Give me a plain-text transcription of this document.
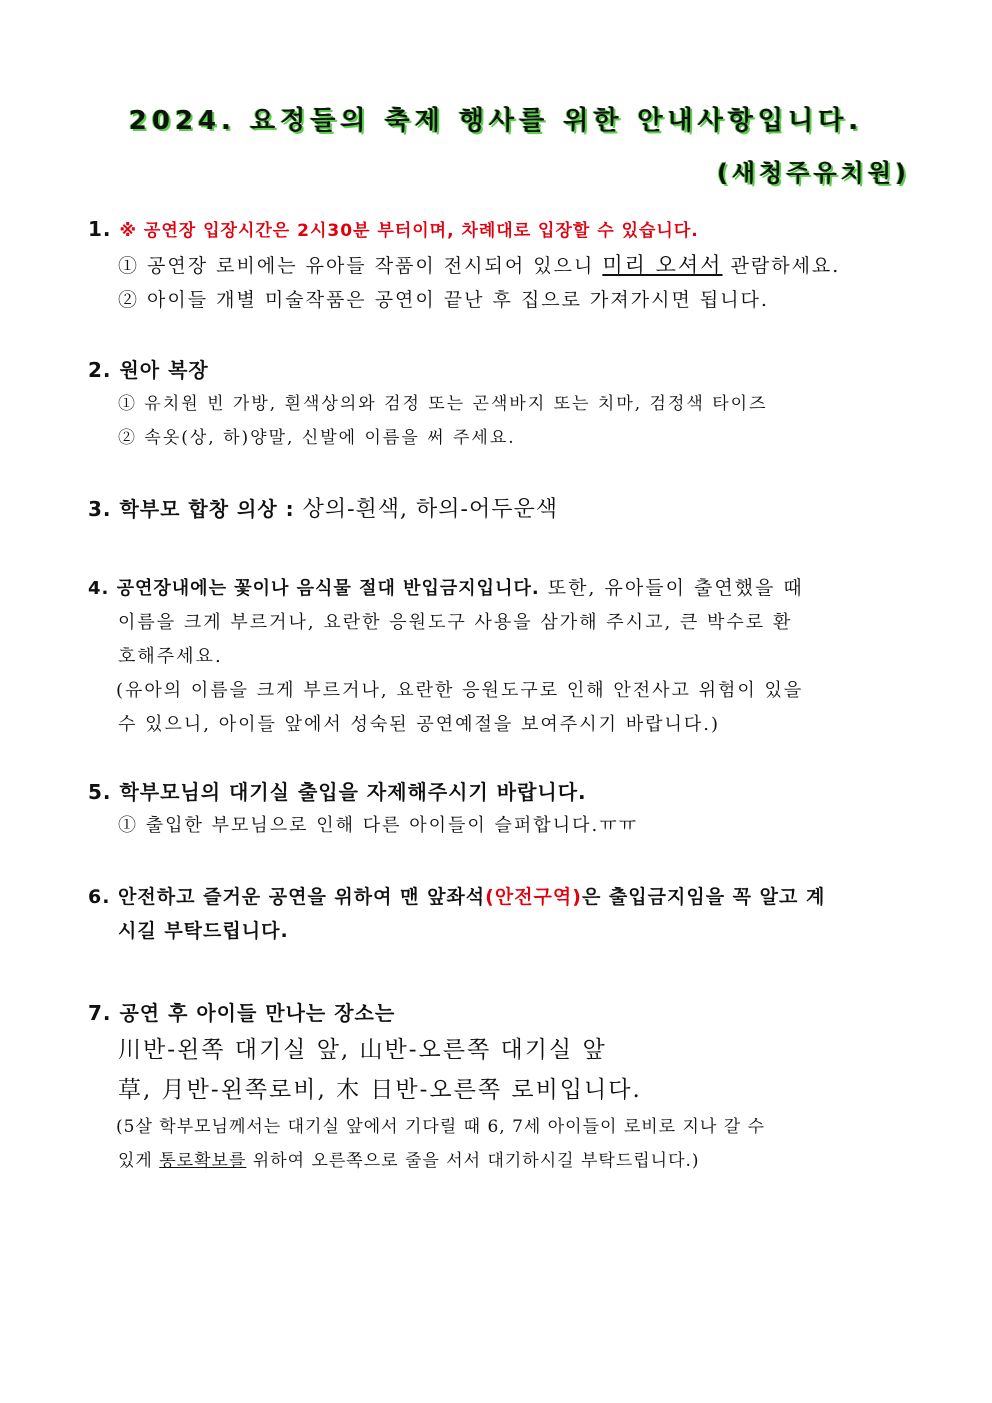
2024. 요정들의 축제 행사를 위한 안내사항입니다.
(새청주유치원)
1. ※ 공연장 입장시간은 2시30분 부터이며, 차례대로 입장할 수 있습니다.
① 공연장 로비에는 유아들 작품이 전시되어 있으니 미리 오셔서 관람하세요.
② 아이들 개별 미술작품은 공연이 끝난 후 집으로 가져가시면 됩니다.
2. 원아 복장
① 유치원 빈 가방, 흰색상의와 검정 또는 곤색바지 또는 치마, 검정색 타이즈
② 속옷(상, 하)양말, 신발에 이름을 써 주세요.
3. 학부모 합창 의상 : 상의-흰색, 하의-어두운색
4. 공연장내에는 꽃이나 음식물 절대 반입금지입니다. 또한, 유아들이 출연했을 때
이름을 크게 부르거나, 요란한 응원도구 사용을 삼가해 주시고, 큰 박수로 환
호해주세요.
(유아의 이름을 크게 부르거나, 요란한 응원도구로 인해 안전사고 위험이 있을
수 있으니, 아이들 앞에서 성숙된 공연예절을 보여주시기 바랍니다.)
5. 학부모님의 대기실 출입을 자제해주시기 바랍니다.
① 출입한 부모님으로 인해 다른 아이들이 슬퍼합니다.ㅠㅠ
6. 안전하고 즐거운 공연을 위하여 맨 앞좌석(안전구역)은 출입금지임을 꼭 알고 계
시길 부탁드립니다.
7. 공연 후 아이들 만나는 장소는
川반-왼쪽 대기실 앞, 山반-오른쪽 대기실 앞
草, 月반-왼쪽로비, 木 日반-오른쪽 로비입니다.
(5살 학부모님께서는 대기실 앞에서 기다릴 때 6, 7세 아이들이 로비로 지나 갈 수
있게 통로확보를 위하여 오른쪽으로 줄을 서서 대기하시길 부탁드립니다.)
